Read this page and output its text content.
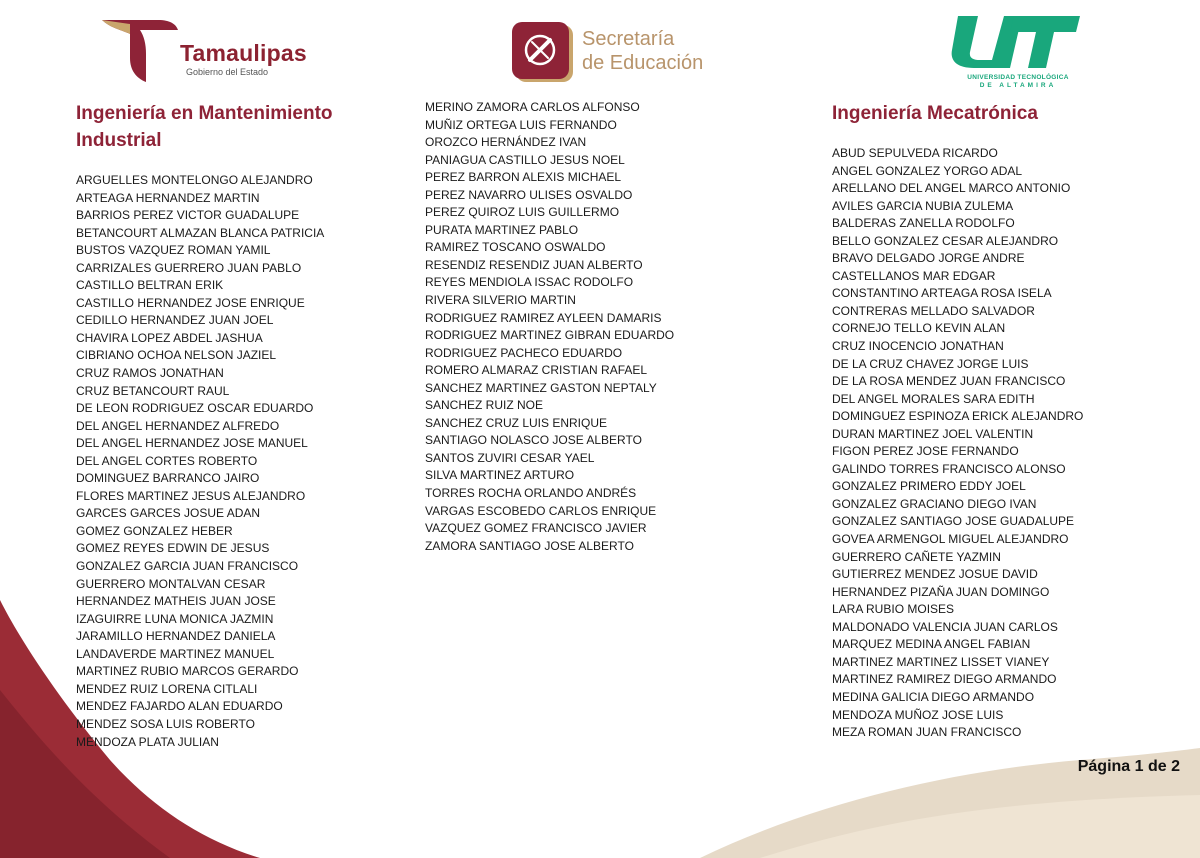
Tamaulipas
Gobierno del Estado
Secretaría
de Educación
UT
UNIVERSIDAD TECNOLÓGICA
DE ALTAMIRA
Ingeniería en Mantenimiento Industrial
Ingeniería Mecatrónica
ARGUELLES MONTELONGO ALEJANDRO
ARTEAGA HERNANDEZ MARTIN
BARRIOS PEREZ VICTOR GUADALUPE
BETANCOURT ALMAZAN BLANCA PATRICIA
BUSTOS VAZQUEZ ROMAN YAMIL
CARRIZALES GUERRERO JUAN PABLO
CASTILLO BELTRAN ERIK
CASTILLO HERNANDEZ JOSE ENRIQUE
CEDILLO HERNANDEZ JUAN JOEL
CHAVIRA LOPEZ ABDEL JASHUA
CIBRIANO OCHOA NELSON JAZIEL
CRUZ RAMOS JONATHAN
CRUZ BETANCOURT RAUL
DE LEON RODRIGUEZ OSCAR EDUARDO
DEL ANGEL HERNANDEZ ALFREDO
DEL ANGEL HERNANDEZ JOSE MANUEL
DEL ANGEL CORTES ROBERTO
DOMINGUEZ BARRANCO JAIRO
FLORES MARTINEZ JESUS ALEJANDRO
GARCES GARCES JOSUE ADAN
GOMEZ GONZALEZ HEBER
GOMEZ REYES EDWIN DE JESUS
GONZALEZ GARCIA JUAN FRANCISCO
GUERRERO MONTALVAN CESAR
HERNANDEZ MATHEIS JUAN JOSE
IZAGUIRRE LUNA MONICA JAZMIN
JARAMILLO HERNANDEZ DANIELA
LANDAVERDE MARTINEZ MANUEL
MARTINEZ RUBIO MARCOS GERARDO
MENDEZ RUIZ LORENA CITLALI
MENDEZ FAJARDO ALAN EDUARDO
MENDEZ SOSA LUIS ROBERTO
MENDOZA PLATA JULIAN
MERINO ZAMORA CARLOS ALFONSO
MUÑIZ ORTEGA LUIS FERNANDO
OROZCO HERNÁNDEZ IVAN
PANIAGUA CASTILLO JESUS NOEL
PEREZ BARRON ALEXIS MICHAEL
PEREZ NAVARRO ULISES OSVALDO
PEREZ QUIROZ LUIS GUILLERMO
PURATA MARTINEZ PABLO
RAMIREZ TOSCANO OSWALDO
RESENDIZ RESENDIZ JUAN ALBERTO
REYES MENDIOLA ISSAC RODOLFO
RIVERA SILVERIO MARTIN
RODRIGUEZ RAMIREZ AYLEEN DAMARIS
RODRIGUEZ MARTINEZ GIBRAN EDUARDO
RODRIGUEZ PACHECO EDUARDO
ROMERO ALMARAZ CRISTIAN RAFAEL
SANCHEZ MARTINEZ GASTON NEPTALY
SANCHEZ RUIZ NOE
SANCHEZ CRUZ LUIS ENRIQUE
SANTIAGO NOLASCO JOSE ALBERTO
SANTOS ZUVIRI CESAR YAEL
SILVA MARTINEZ ARTURO
TORRES ROCHA ORLANDO ANDRÉS
VARGAS ESCOBEDO CARLOS ENRIQUE
VAZQUEZ GOMEZ FRANCISCO JAVIER
ZAMORA SANTIAGO JOSE ALBERTO
ABUD SEPULVEDA RICARDO
ANGEL GONZALEZ YORGO ADAL
ARELLANO DEL ANGEL MARCO ANTONIO
AVILES GARCIA NUBIA ZULEMA
BALDERAS ZANELLA RODOLFO
BELLO GONZALEZ CESAR ALEJANDRO
BRAVO DELGADO JORGE ANDRE
CASTELLANOS MAR EDGAR
CONSTANTINO ARTEAGA ROSA ISELA
CONTRERAS MELLADO SALVADOR
CORNEJO TELLO KEVIN ALAN
CRUZ INOCENCIO JONATHAN
DE LA CRUZ CHAVEZ JORGE LUIS
DE LA ROSA MENDEZ JUAN FRANCISCO
DEL ANGEL MORALES SARA EDITH
DOMINGUEZ ESPINOZA ERICK ALEJANDRO
DURAN MARTINEZ JOEL VALENTIN
FIGON PEREZ JOSE FERNANDO
GALINDO TORRES FRANCISCO ALONSO
GONZALEZ PRIMERO EDDY JOEL
GONZALEZ GRACIANO DIEGO IVAN
GONZALEZ SANTIAGO JOSE GUADALUPE
GOVEA ARMENGOL MIGUEL ALEJANDRO
GUERRERO CAÑETE YAZMIN
GUTIERREZ MENDEZ JOSUE DAVID
HERNANDEZ PIZAÑA JUAN DOMINGO
LARA RUBIO MOISES
MALDONADO VALENCIA JUAN CARLOS
MARQUEZ MEDINA ANGEL FABIAN
MARTINEZ MARTINEZ LISSET VIANEY
MARTINEZ RAMIREZ DIEGO ARMANDO
MEDINA GALICIA DIEGO ARMANDO
MENDOZA MUÑOZ JOSE LUIS
MEZA ROMAN JUAN FRANCISCO
Página 1 de 2
